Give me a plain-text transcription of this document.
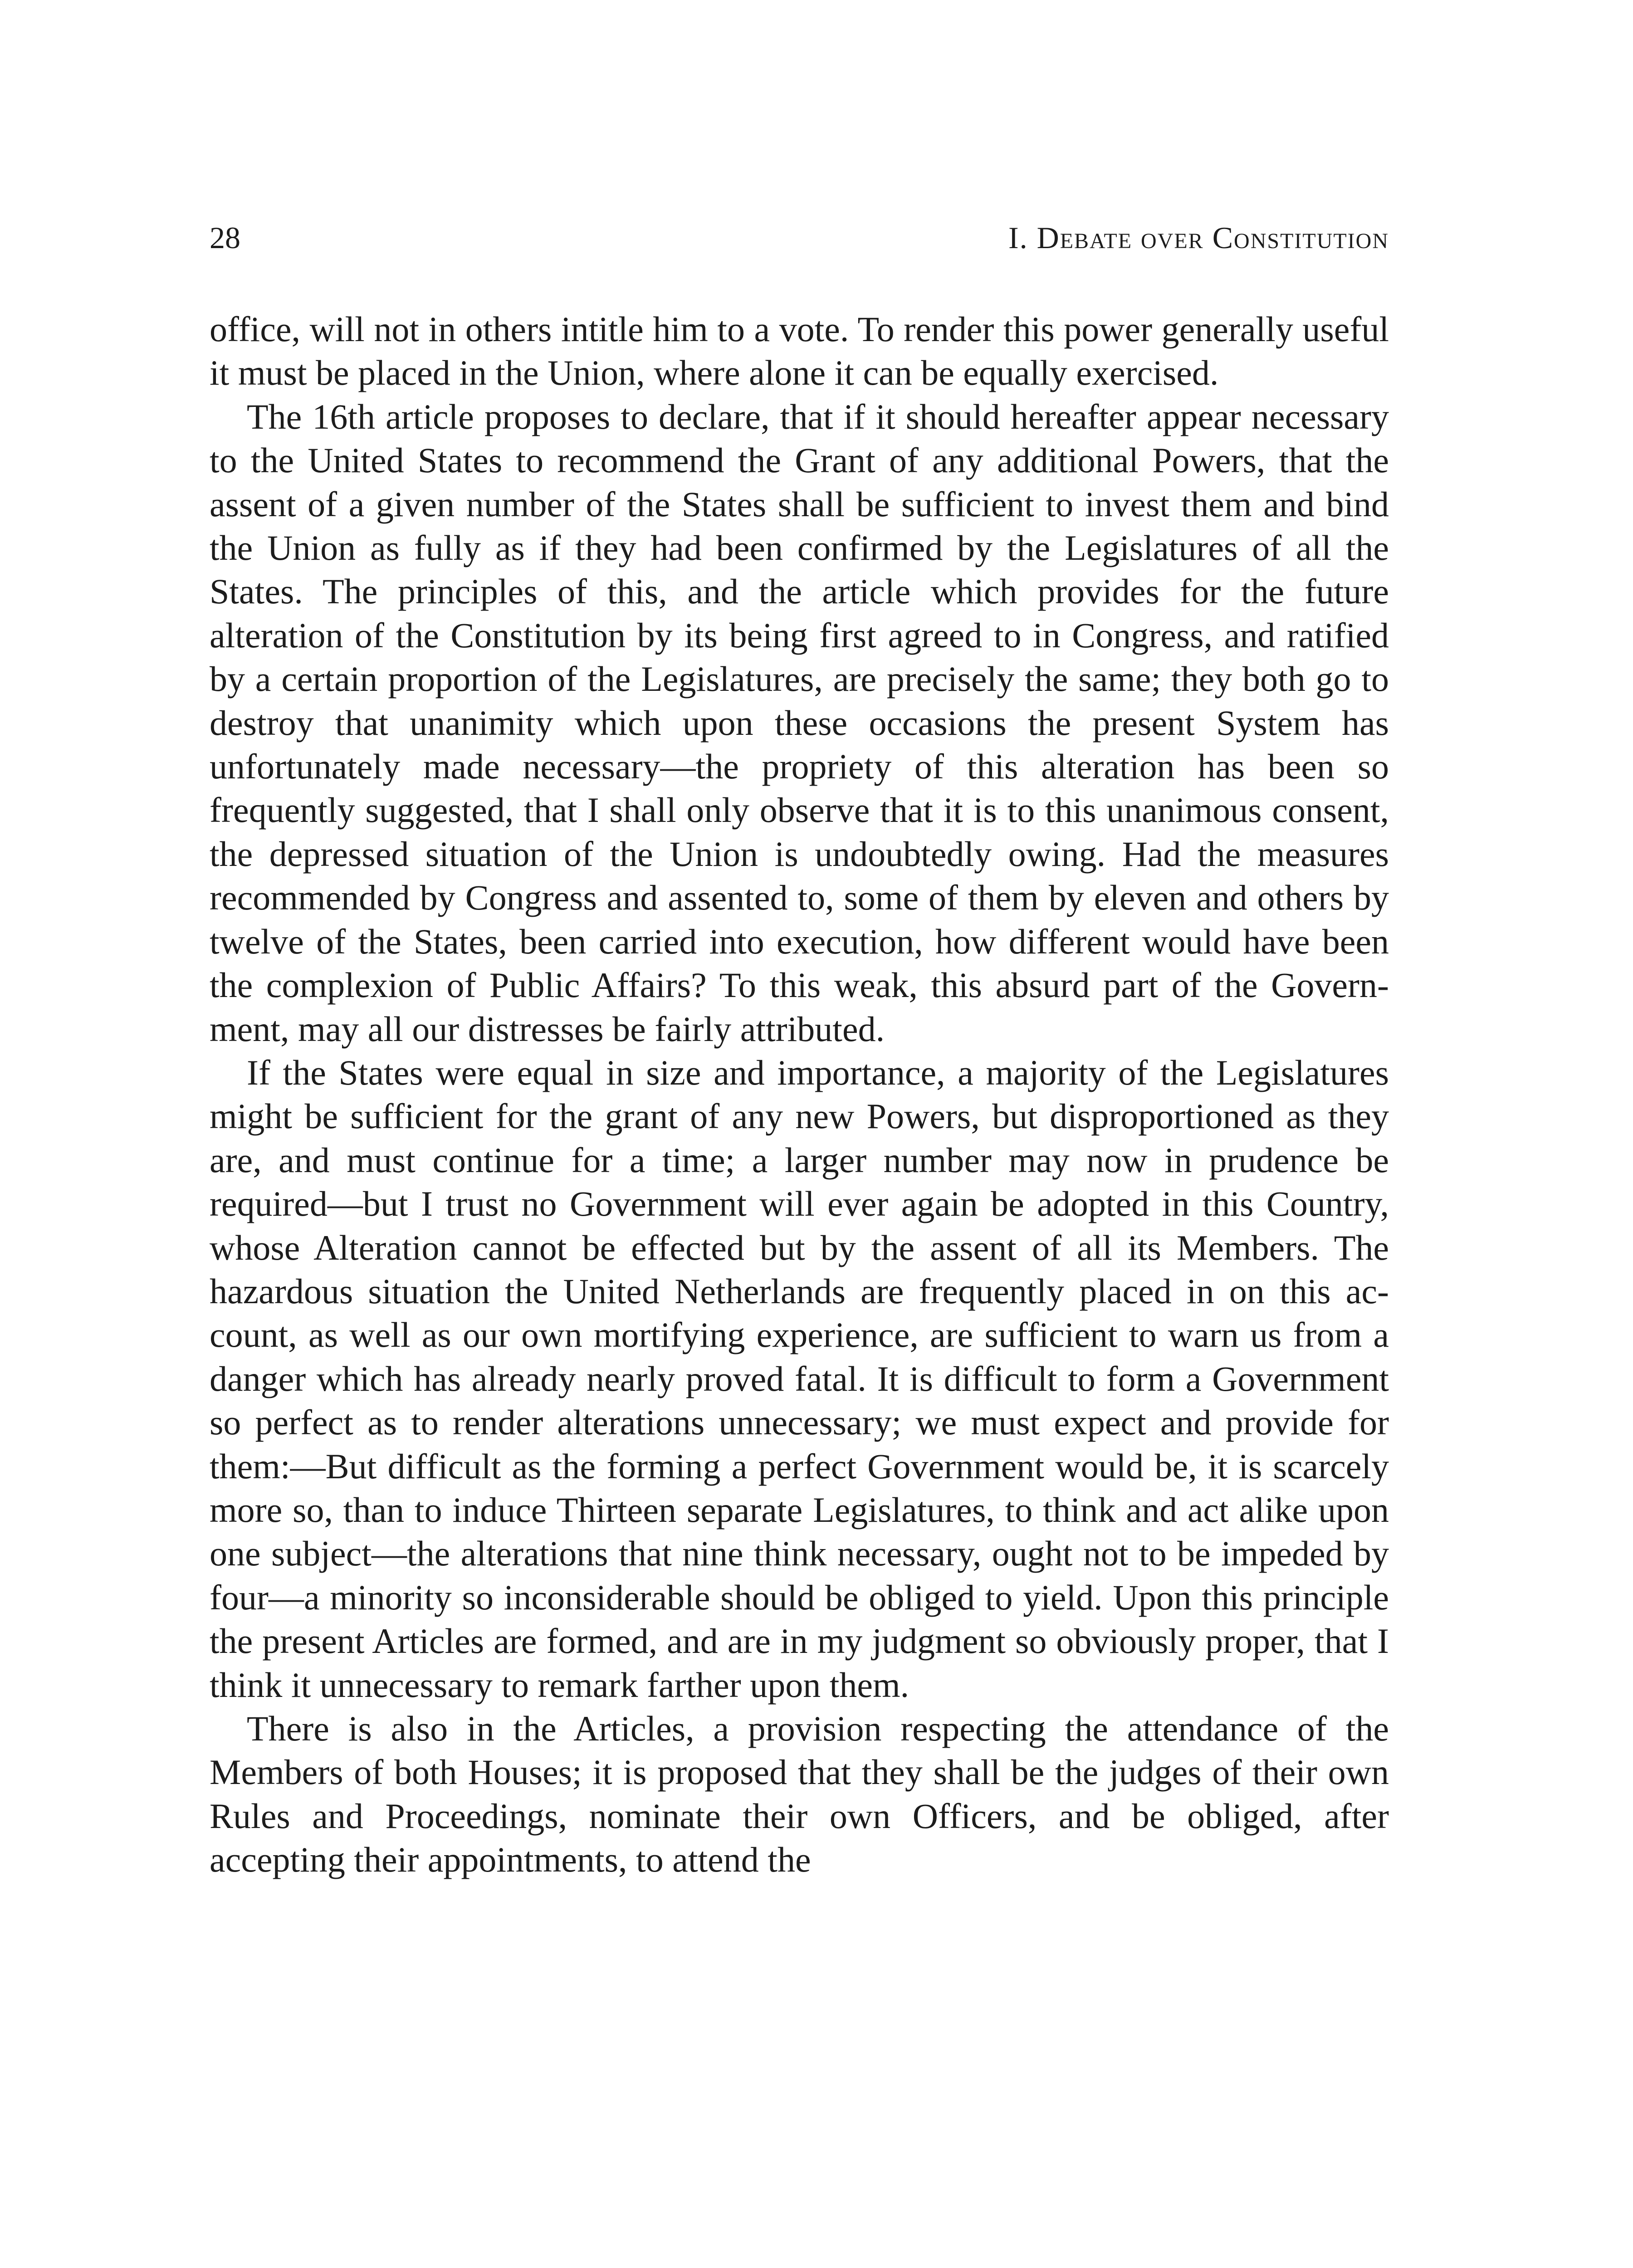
28	I. Debate over Constitution

office, will not in others intitle him to a vote. To render this power generally useful it must be placed in the Union, where alone it can be equally exercised.

The 16th article proposes to declare, that if it should hereafter appear necessary to the United States to recommend the Grant of any additional Powers, that the assent of a given number of the States shall be sufficient to invest them and bind the Union as fully as if they had been confirmed by the Legislatures of all the States. The principles of this, and the article which provides for the future alteration of the Constitution by its being first agreed to in Congress, and ratified by a certain proportion of the Legislatures, are precisely the same; they both go to destroy that unanimity which upon these occasions the present System has unfortunately made necessary—the propriety of this alteration has been so frequently suggested, that I shall only observe that it is to this unanimous consent, the depressed situation of the Union is undoubtedly owing. Had the measures recommended by Congress and assented to, some of them by eleven and others by twelve of the States, been carried into execution, how different would have been the complexion of Public Affairs? To this weak, this absurd part of the Government, may all our distresses be fairly attributed.

If the States were equal in size and importance, a majority of the Legislatures might be sufficient for the grant of any new Powers, but disproportioned as they are, and must continue for a time; a larger number may now in prudence be required—but I trust no Government will ever again be adopted in this Country, whose Alteration cannot be effected but by the assent of all its Members. The hazardous situation the United Netherlands are frequently placed in on this account, as well as our own mortifying experience, are sufficient to warn us from a danger which has already nearly proved fatal. It is difficult to form a Government so perfect as to render alterations unnecessary; we must expect and provide for them:—But difficult as the forming a perfect Government would be, it is scarcely more so, than to induce Thirteen separate Legislatures, to think and act alike upon one subject—the alterations that nine think necessary, ought not to be impeded by four—a minority so inconsiderable should be obliged to yield. Upon this principle the present Articles are formed, and are in my judgment so obviously proper, that I think it unnecessary to remark farther upon them.

There is also in the Articles, a provision respecting the attendance of the Members of both Houses; it is proposed that they shall be the judges of their own Rules and Proceedings, nominate their own Officers, and be obliged, after accepting their appointments, to attend the
